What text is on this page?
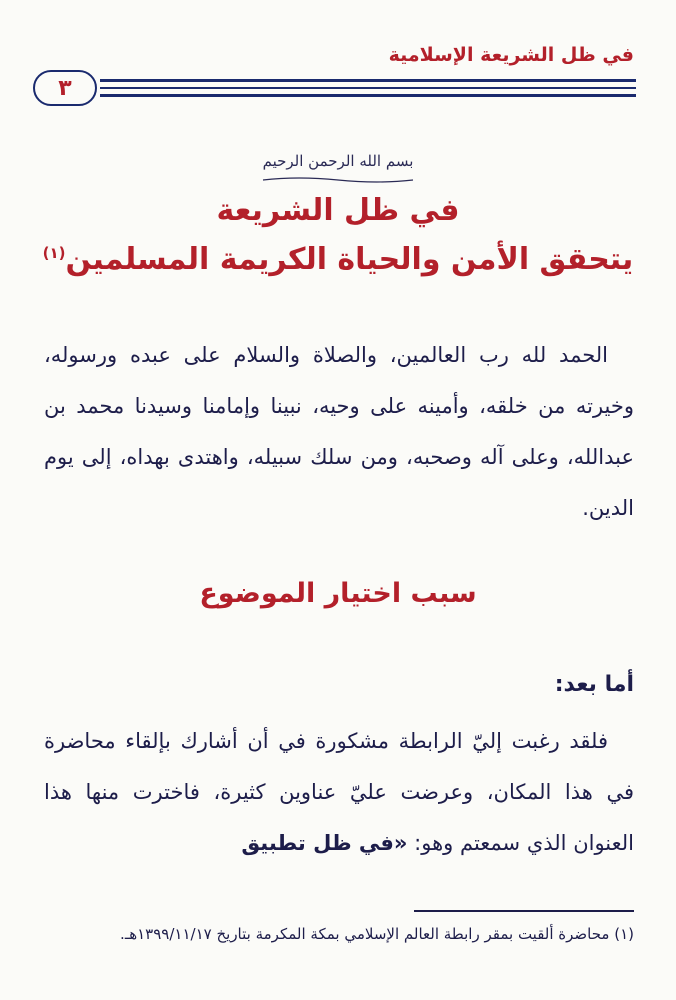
في ظل الشريعة الإسلامية
٣
بسم الله الرحمن الرحيم
في ظل الشريعة
يتحقق الأمن والحياة الكريمة المسلمين$^{(١)}$
الحمد لله رب العالمين، والصلاة والسلام على عبده ورسوله، وخيرته من خلقه، وأمينه على وحيه، نبينا وإمامنا وسيدنا محمد بن عبدالله، وعلى آله وصحبه، ومن سلك سبيله، واهتدى بهداه، إلى يوم الدين.
سبب اختيار الموضوع
أما بعد:
فلقد رغبت إليّ الرابطة مشكورة في أن أشارك بإلقاء محاضرة في هذا المكان، وعرضت عليّ عناوين كثيرة، فاخترت منها هذا العنوان الذي سمعتم وهو: «في ظل تطبيق
(١) محاضرة ألقيت بمقر رابطة العالم الإسلامي بمكة المكرمة بتاريخ ١٣٩٩/١١/١٧هـ.
